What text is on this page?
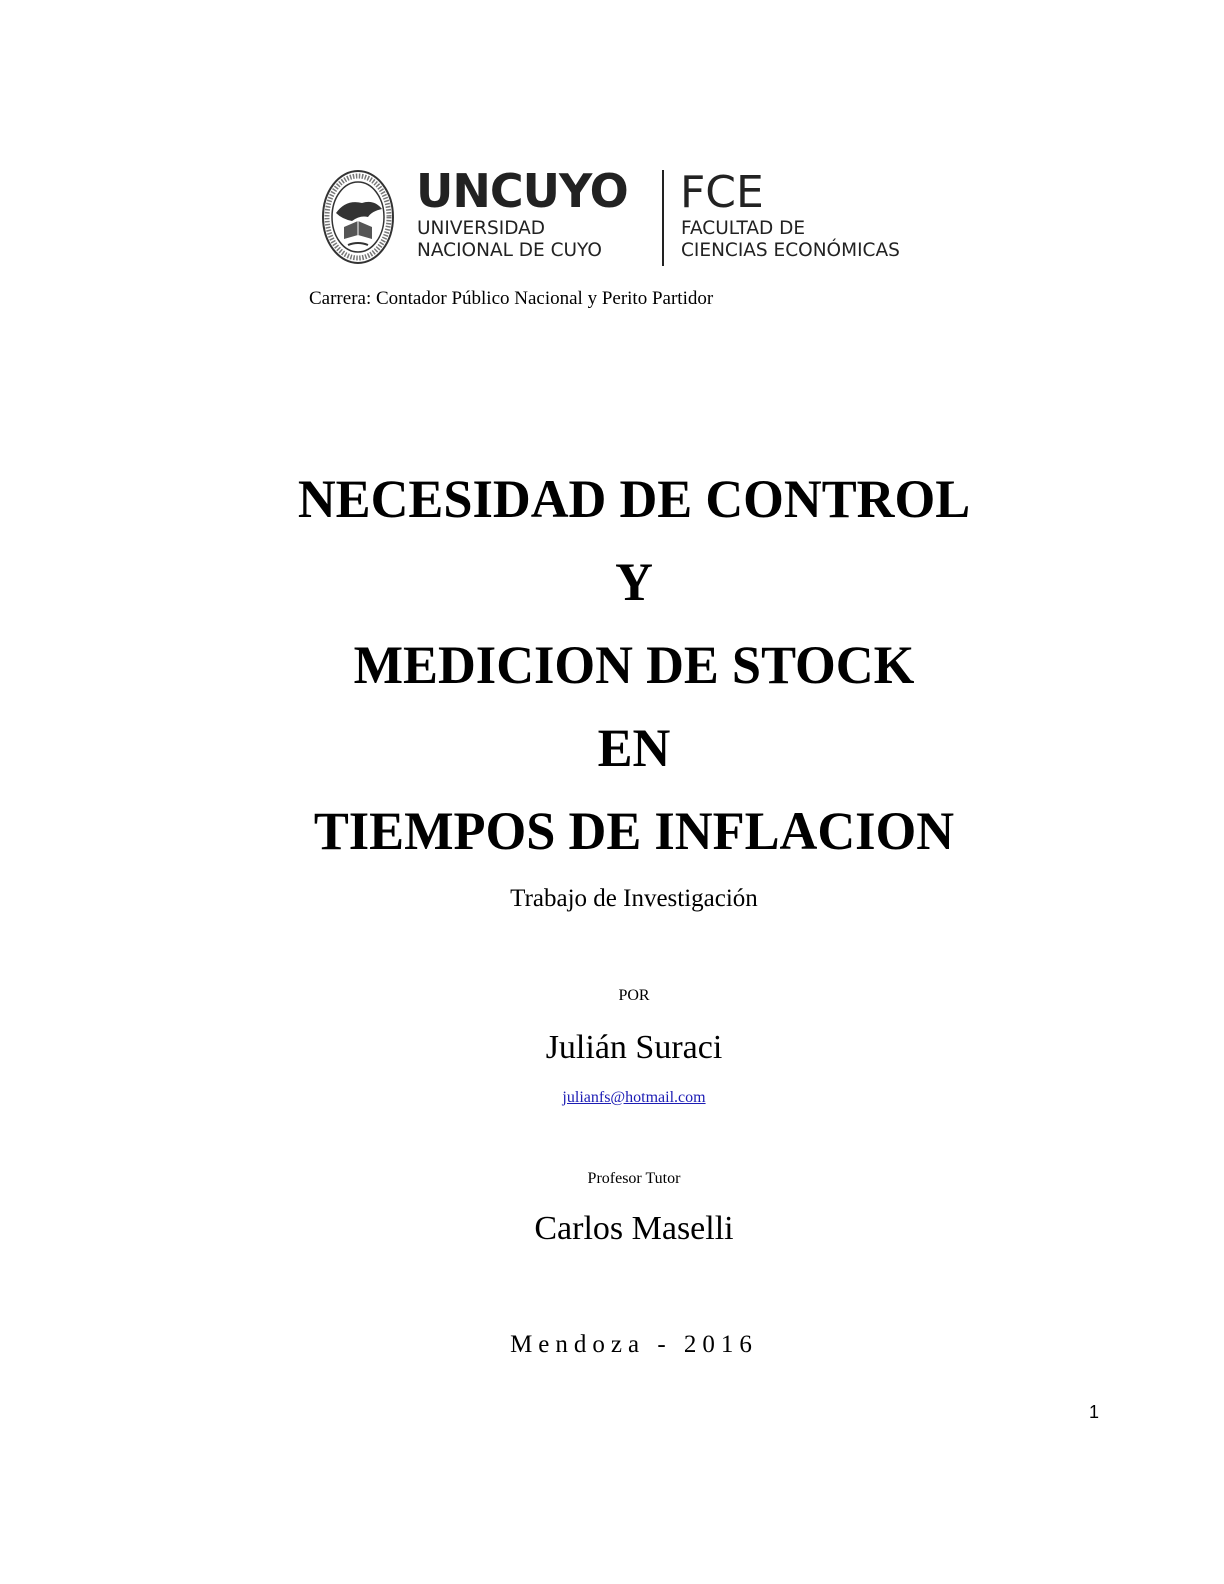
UNCUYO
UNIVERSIDAD
NACIONAL DE CUYO
FCE
FACULTAD DE
CIENCIAS ECONÓMICAS
Carrera: Contador Público Nacional y Perito Partidor
NECESIDAD DE CONTROL
Y
MEDICION DE STOCK
EN
TIEMPOS DE INFLACION
Trabajo de Investigación
POR
Julián Suraci
julianfs@hotmail.com
Profesor Tutor
Carlos Maselli
Mendoza - 2016
1
